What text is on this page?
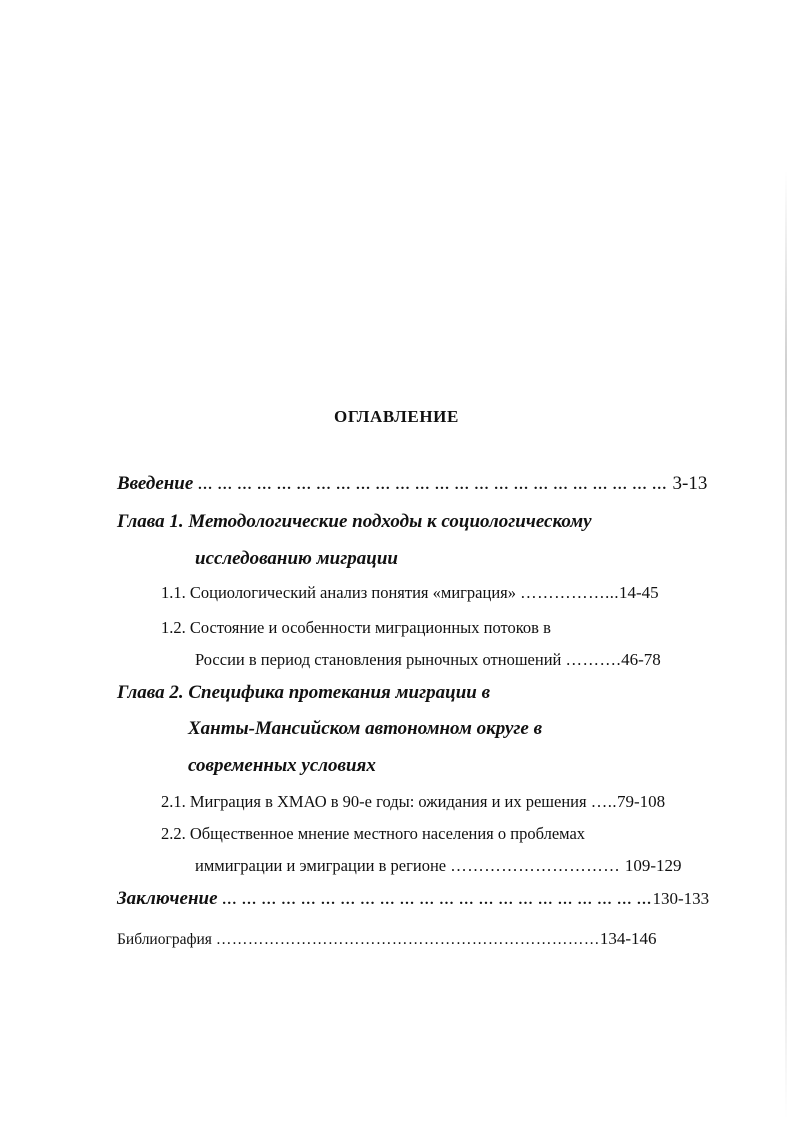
ОГЛАВЛЕНИЕ
Введение … … … … … … … … … … … … … … … … … … … … … … … … 3-13
Глава 1. Методологические подходы к социологическому
исследованию миграции
1.1. Социологический анализ понятия «миграция» ……………...14-45
1.2. Состояние и особенности миграционных потоков в
России в период становления рыночных отношений ……….46-78
Глава 2. Специфика протекания миграции в
Ханты-Мансийском автономном округе в
современных условиях
2.1. Миграция в ХМАО в 90-е годы: ожидания и их решения …..79-108
2.2. Общественное мнение местного населения о проблемах
иммиграции и эмиграции в регионе ………………………… 109-129
Заключение … … … … … … … … … … … … … … … … … … … … … …130-133
Библиография ………………………………………………………………134-146
